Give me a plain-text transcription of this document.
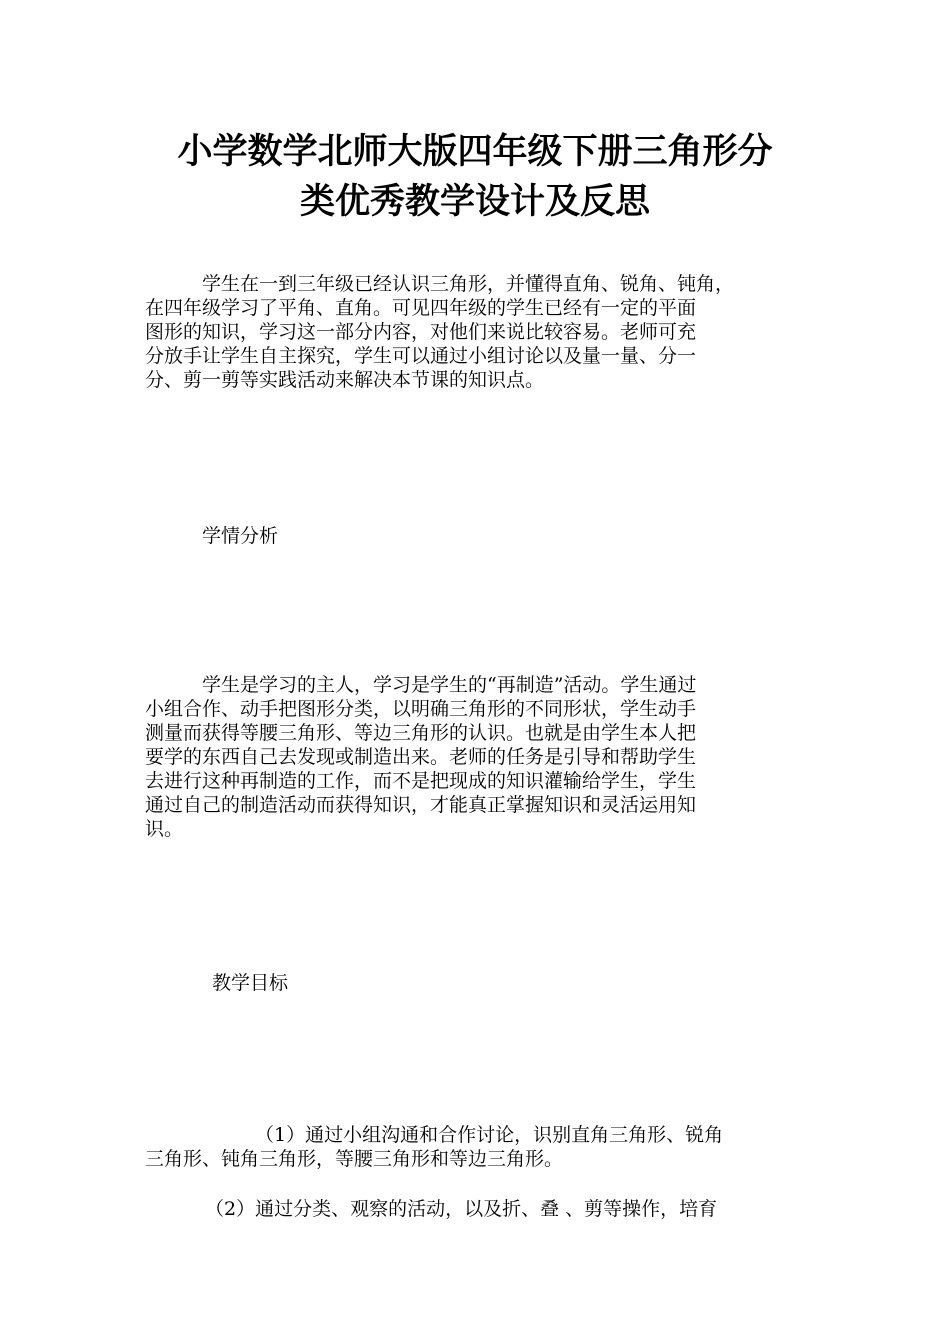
小学数学北师大版四年级下册三角形分
类优秀教学设计及反思
学生在一到三年级已经认识三角形，并懂得直角、锐角、钝角，
在四年级学习了平角、直角。可见四年级的学生已经有一定的平面
图形的知识，学习这一部分内容，对他们来说比较容易。老师可充
分放手让学生自主探究，学生可以通过小组讨论以及量一量、分一
分、剪一剪等实践活动来解决本节课的知识点。

学情分析

学生是学习的主人，学习是学生的“再制造”活动。学生通过
小组合作、动手把图形分类，以明确三角形的不同形状，学生动手
测量而获得等腰三角形、等边三角形的认识。也就是由学生本人把
要学的东西自己去发现或制造出来。老师的任务是引导和帮助学生
去进行这种再制造的工作，而不是把现成的知识灌输给学生，学生
通过自己的制造活动而获得知识，才能真正掌握知识和灵活运用知
识。

教学目标

（1）通过小组沟通和合作讨论，识别直角三角形、锐角
三角形、钝角三角形，等腰三角形和等边三角形。
（2）通过分类、观察的活动，以及折、叠 、剪等操作，培育
